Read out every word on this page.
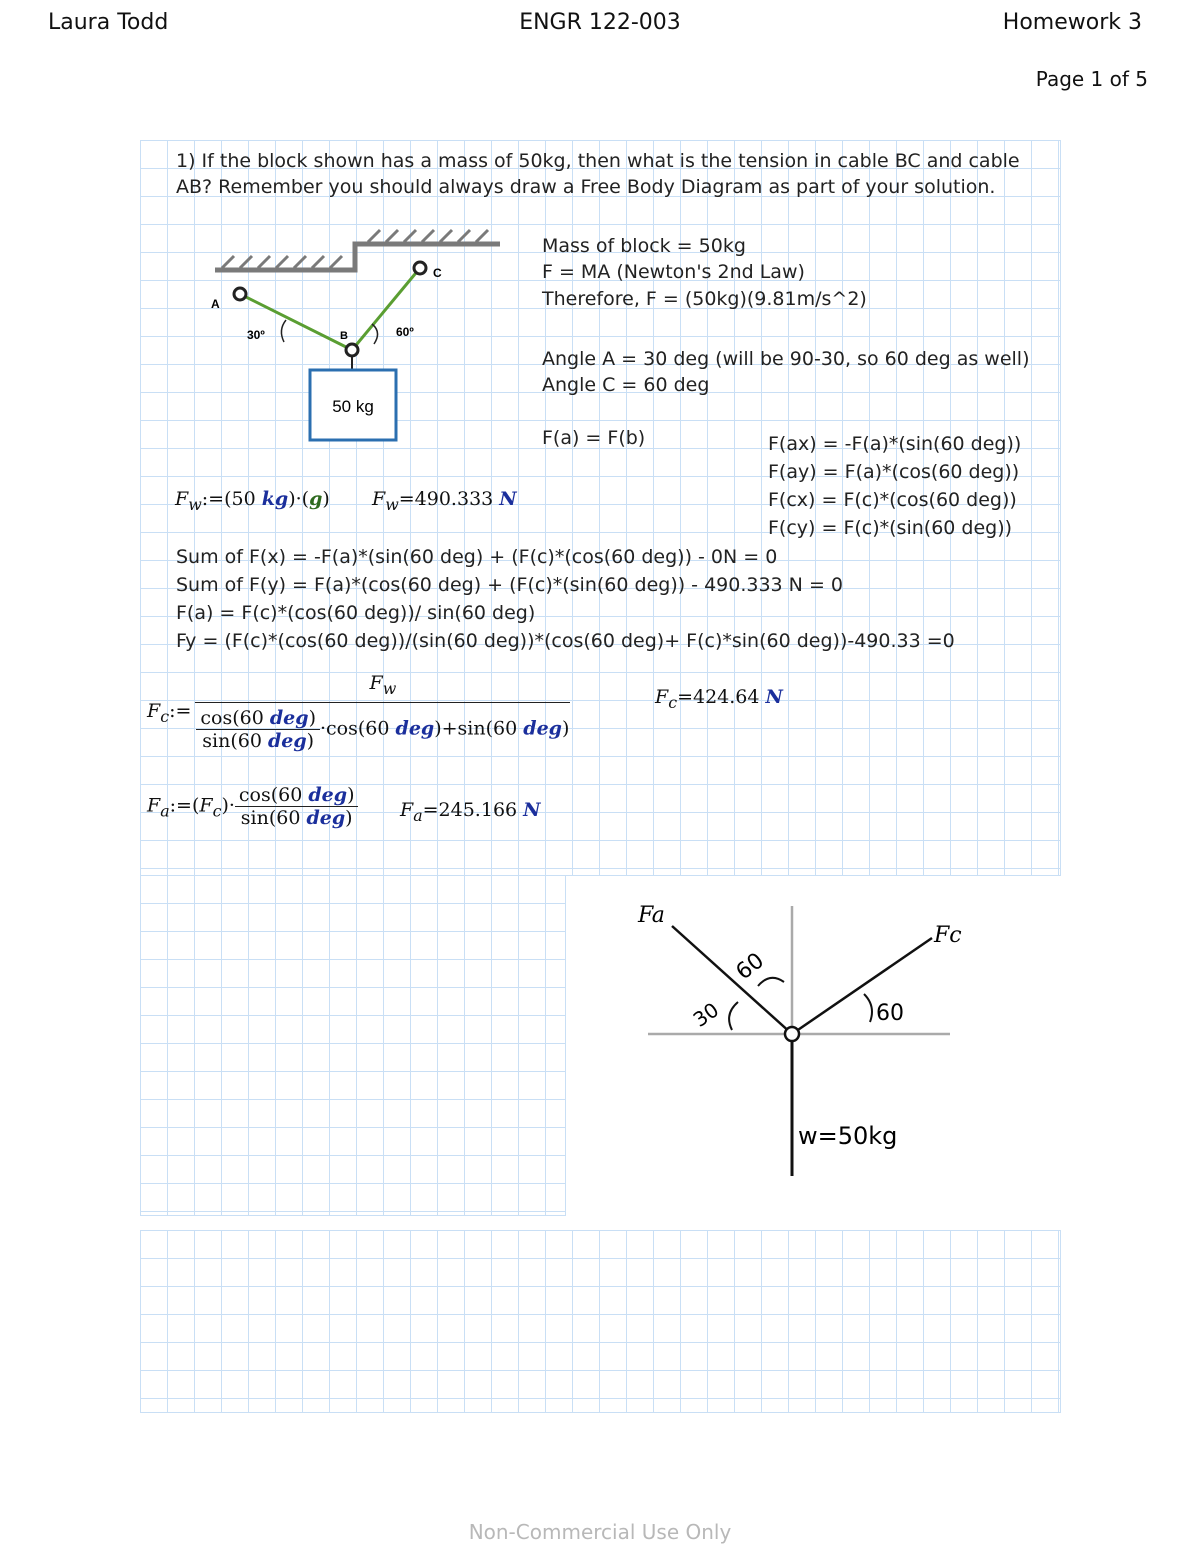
Laura Todd	ENGR 122-003	Homework 3
Page 1 of 5
1) If the block shown has a mass of 50kg, then what is the tension in cable BC and cable
AB? Remember you should always draw a Free Body Diagram as part of your solution.
A
C
B
30º	60º
50 kg
Mass of block = 50kg
F = MA (Newton's 2nd Law)
Therefore, F = (50kg)(9.81m/s^2)
Angle A = 30 deg (will be 90-30, so 60 deg as well)
Angle C = 60 deg
F(a) = F(b)	F(ax) = -F(a)*(sin(60 deg))
F(ay) = F(a)*(cos(60 deg))
F(cx) = F(c)*(cos(60 deg))
F(cy) = F(c)*(sin(60 deg))
$F_w:=(50$ kg)·(g) $F_w=490.333$ N
Sum of F(x) = -F(a)*(sin(60 deg) + (F(c)*(cos(60 deg)) - 0N = 0
Sum of F(y) = F(a)*(cos(60 deg) + (F(c)*(sin(60 deg)) - 490.333 N = 0
F(a) = F(c)*(cos(60 deg))/ sin(60 deg)
Fy = (F(c)*(cos(60 deg))/(sin(60 deg))*(cos(60 deg)+ F(c)*sin(60 deg))-490.33 =0
$F_c:=$	$F_w$

$\frac{\text{cos(60 deg)}}{\text{sin(60 deg)}} \cdot\cos(60$ deg)+sin(60 deg)
$F_c=424.64$ N
$F_a:=(F_c)\cdot \frac{\text{cos(60 deg)}}{\text{sin(60 deg)}} F_a=245.166$ N
Fa
Fc
60
30	60
w=50kg
Non-Commercial Use Only
